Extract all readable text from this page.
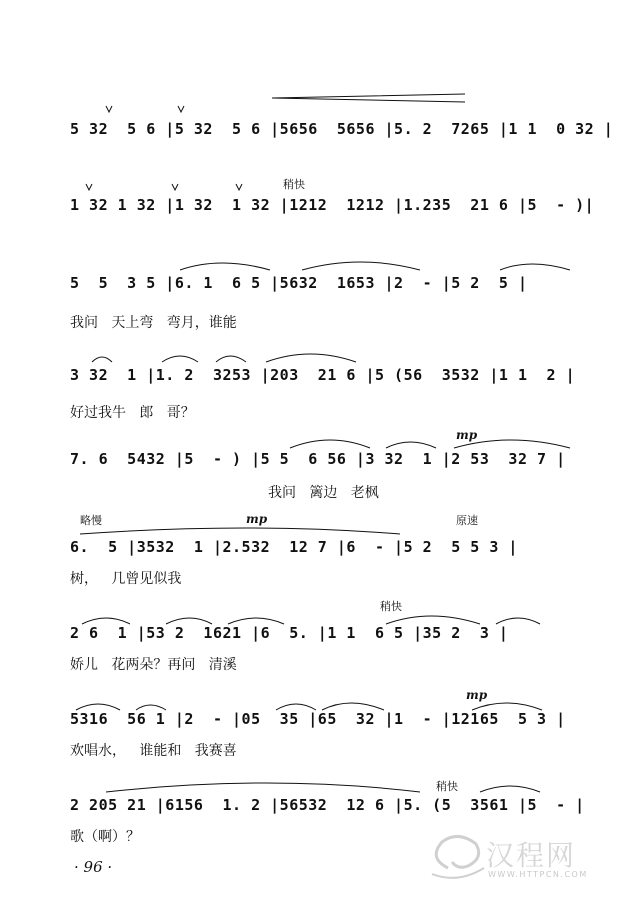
5 32  5 6 |5 32  5 6 |5656  5656 |5. 2  7265 |1 1  0 32 |
稍快
1 32 1 32 |1 32  1 32 |1212  1212 |1.235  21 6 |5  - )|
5  5  3 5 |6. 1  6 5 |5632  1653 |2  - |5 2  5 |
我问   天上弯   弯月，谁能
3 32  1 |1. 2  3253 |203  21 6 |5 (56  3532 |1 1  2 |
好过我牛   郎   哥？
mp
7. 6  5432 |5  - ) |5 5  6 56 |3 32  1 |2 53  32 7 |
我问   篱边   老枫
略慢	mp	原速
6.  5 |3532  1 |2.532  12 7 |6  - |5 2  5 5 3 |
树，   几曾见似我
稍快
2 6  1 |53 2  1621 |6  5. |1 1  6 5 |35 2  3 |
娇儿   花两朵？再问   清溪
mp
5316  56 1 |2  - |05  35 |65  32 |1  - |12165  5 3 |
欢唱水，   谁能和   我赛喜
稍快
2 205 21 |6156  1. 2 |56532  12 6 |5. (5  3561 |5  - |
歌（啊）？
· 96 ·	汉程网
WWW.HTTPCN.COM
